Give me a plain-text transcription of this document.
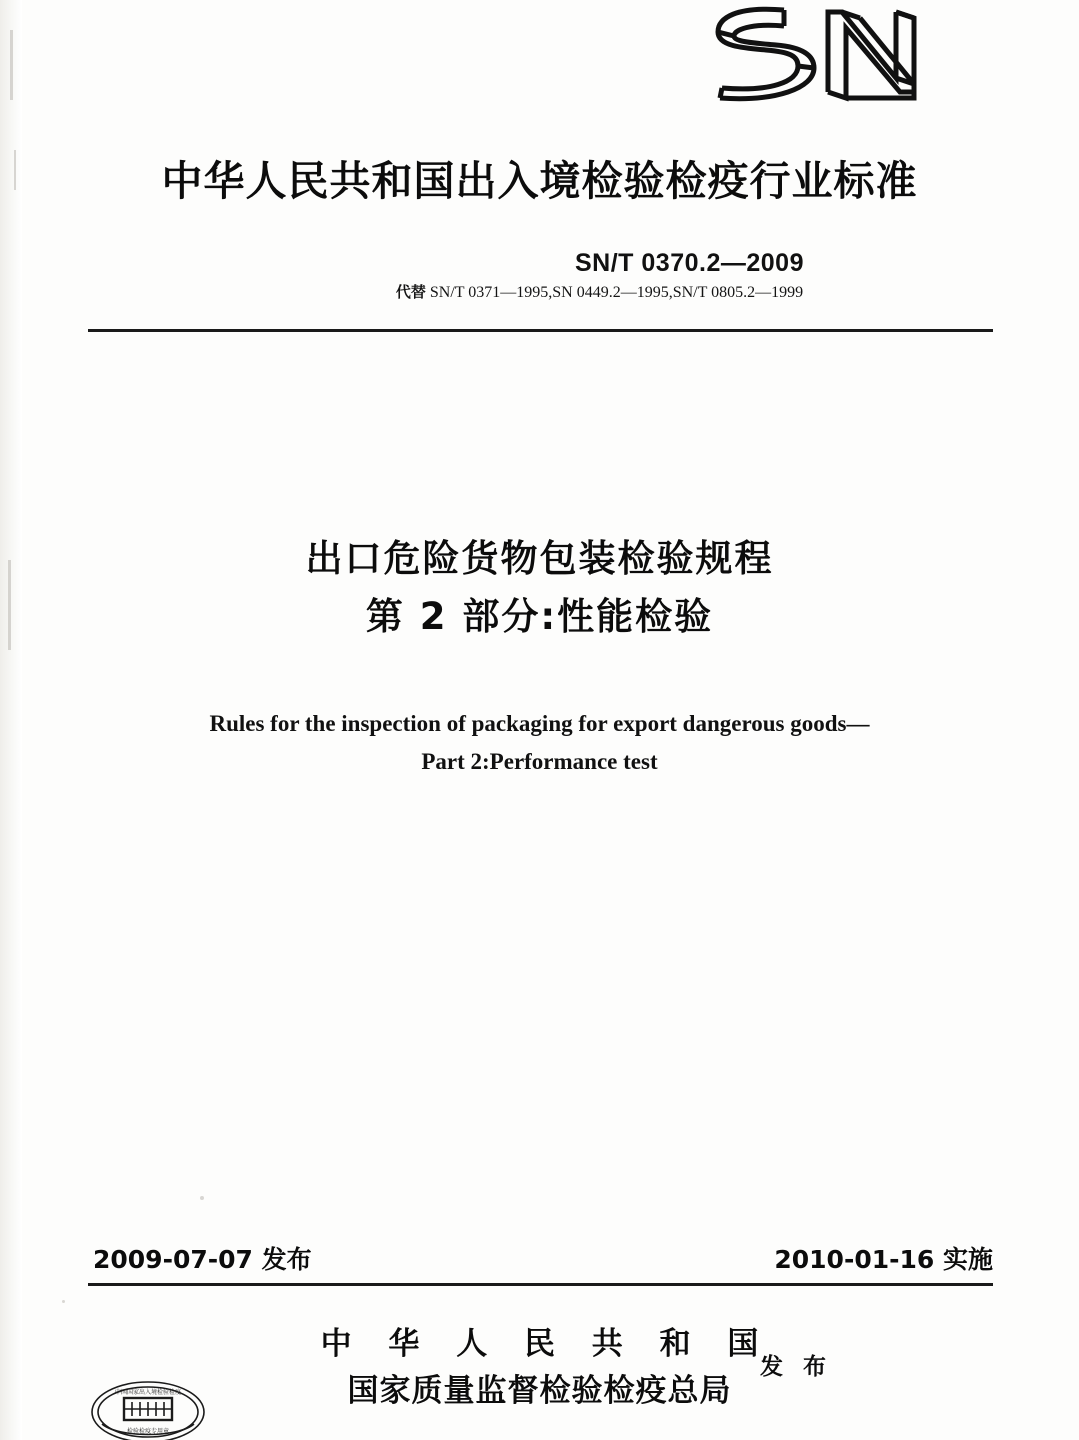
中华人民共和国出入境检验检疫行业标准
SN/T 0370.2—2009
代替 SN/T 0371—1995,SN 0449.2—1995,SN/T 0805.2—1999
出口危险货物包装检验规程
第 2 部分:性能检验
Rules for the inspection of packaging for export dangerous goods—
Part 2:Performance test
2009-07-07 发布	2010-01-16 实施
中 华 人 民 共 和 国
国家质量监督检验检疫总局
发 布
中国国家出入境检验检疫
检验检疫专用章
